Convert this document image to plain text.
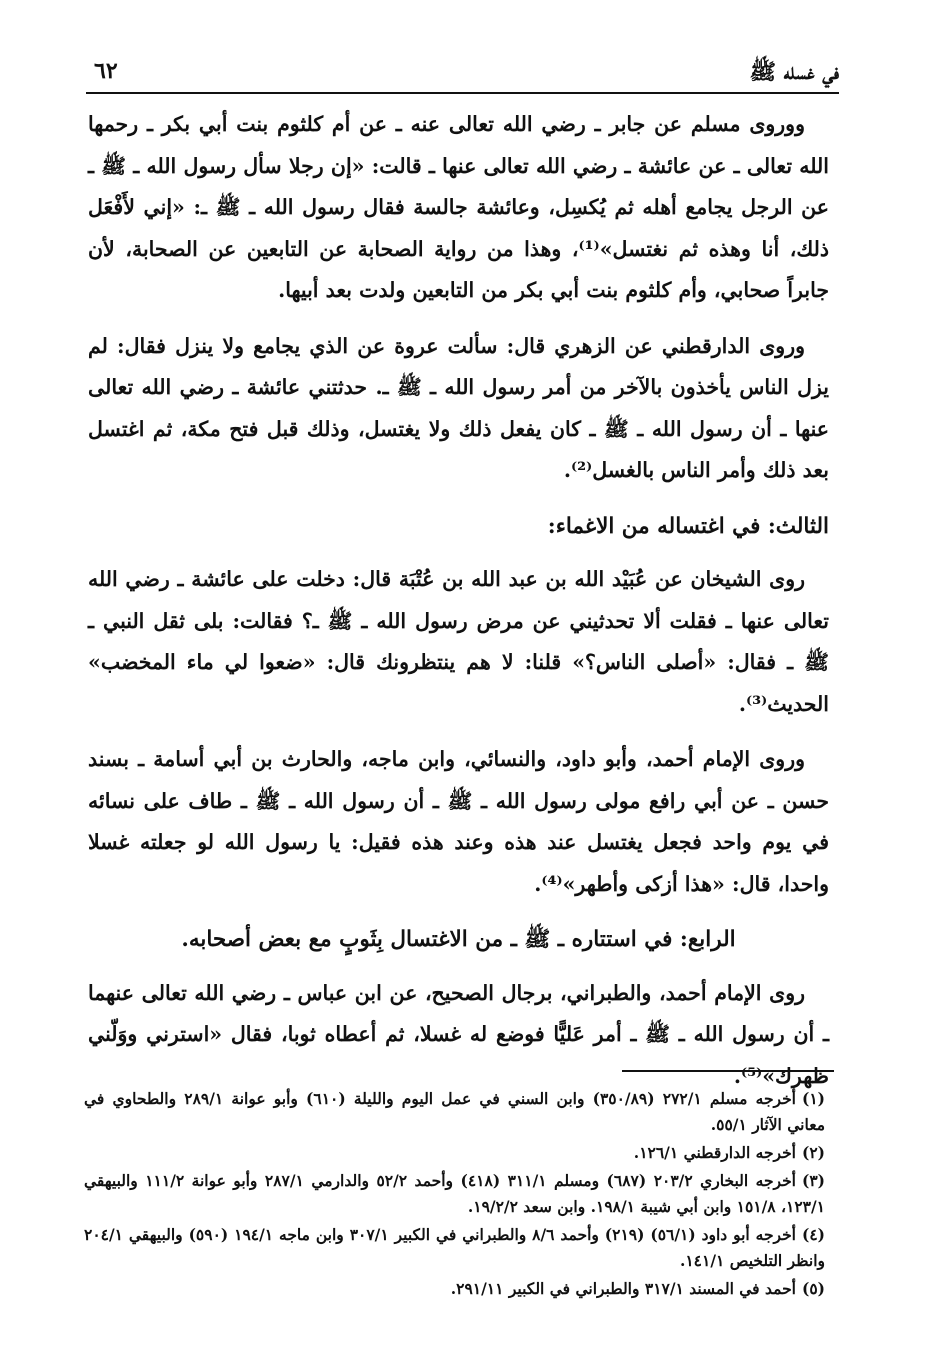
في غسله ﷺ
٦٢

ووروى مسلم عن جابر ـ رضي الله تعالى عنه ـ عن أم كلثوم بنت أبي بكر ـ رحمها الله تعالى ـ عن عائشة ـ رضي الله تعالى عنها ـ قالت: «إن رجلا سأل رسول الله ـ ﷺ ـ عن الرجل يجامع أهله ثم يُكسِل، وعائشة جالسة فقال رسول الله ـ ﷺ ـ: «إني لأَفْعَل ذلك، أنا وهذه ثم نغتسل»⁽¹⁾، وهذا من رواية الصحابة عن التابعين عن الصحابة، لأن جابراً صحابي، وأم كلثوم بنت أبي بكر من التابعين ولدت بعد أبيها.

وروى الدارقطني عن الزهري قال: سألت عروة عن الذي يجامع ولا ينزل فقال: لم يزل الناس يأخذون بالآخر من أمر رسول الله ـ ﷺ ـ. حدثتني عائشة ـ رضي الله تعالى عنها ـ أن رسول الله ـ ﷺ ـ كان يفعل ذلك ولا يغتسل، وذلك قبل فتح مكة، ثم اغتسل بعد ذلك وأمر الناس بالغسل⁽²⁾.

الثالث: في اغتساله من الاغماء:

روى الشيخان عن عُبَيْد الله بن عبد الله بن عُتْبَة قال: دخلت على عائشة ـ رضي الله تعالى عنها ـ فقلت ألا تحدثيني عن مرض رسول الله ـ ﷺ ـ؟ فقالت: بلى ثقل النبي ـ ﷺ ـ فقال: «أصلى الناس؟» قلنا: لا هم ينتظرونك قال: «ضعوا لي ماء المخضب» الحديث⁽³⁾.

وروى الإمام أحمد، وأبو داود، والنسائي، وابن ماجه، والحارث بن أبي أسامة ـ بسند حسن ـ عن أبي رافع مولى رسول الله ـ ﷺ ـ أن رسول الله ـ ﷺ ـ طاف على نسائه في يوم واحد فجعل يغتسل عند هذه وعند هذه فقيل: يا رسول الله لو جعلته غسلا واحدا، قال: «هذا أزكى وأطهر»⁽⁴⁾.

الرابع: في استتاره ـ ﷺ ـ من الاغتسال بِثَوبٍ مع بعض أصحابه.

روى الإمام أحمد، والطبراني، برجال الصحيح، عن ابن عباس ـ رضي الله تعالى عنهما ـ أن رسول الله ـ ﷺ ـ أمر عَليًّا فوضع له غسلا، ثم أعطاه ثوبا، فقال «استرني ووَلّني ظهرك»⁽⁵⁾.

(١)أخرجه مسلم ٢٧٢/١ (٣٥٠/٨٩) وابن السني في عمل اليوم والليلة (٦١٠) وأبو عوانة ٢٨٩/١ والطحاوي في معاني الآثار ٥٥/١.

(٢)أخرجه الدارقطني ١٢٦/١.

(٣)أخرجه البخاري ٢٠٣/٢ (٦٨٧) ومسلم ٣١١/١ (٤١٨) وأحمد ٥٢/٢ والدارمي ٢٨٧/١ وأبو عوانة ١١١/٢ والبيهقي ١٢٣/١، ١٥١/٨ وابن أبي شيبة ١٩٨/١. وابن سعد ١٩/٢/٢.

(٤)أخرجه أبو داود (٥٦/١) (٢١٩) وأحمد ٨/٦ والطبراني في الكبير ٣٠٧/١ وابن ماجه ١٩٤/١ (٥٩٠) والبيهقي ٢٠٤/١ وانظر التلخيص ١٤١/١.

(٥)أحمد في المسند ٣١٧/١ والطبراني في الكبير ٢٩١/١١.
